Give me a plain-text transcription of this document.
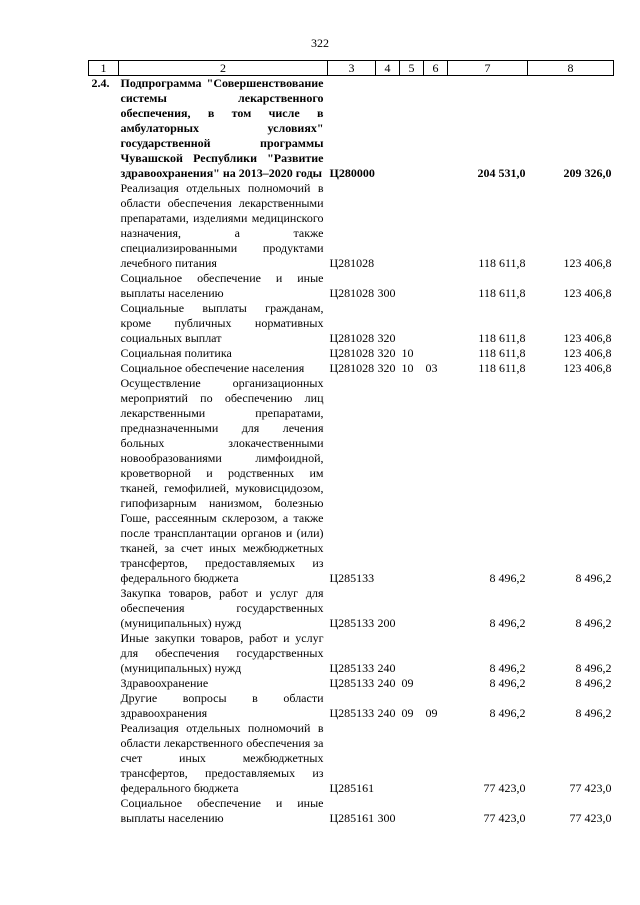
322
1	2	3	4	5	6	7	8
2.4.	Подпрограмма "Совершенствование системы лекарственного обеспечения, в том числе в амбулаторных условиях" государственной программы Чувашской Республики "Развитие здравоохранения" на 2013–2020 годы	Ц280000				204 531,0	209 326,0
	Реализация отдельных полномочий в области обеспечения лекарственными препаратами, изделиями медицинского назначения, а также специализированными продуктами лечебного питания	Ц281028				118 611,8	123 406,8
	Социальное обеспечение и иные выплаты населению	Ц281028	300			118 611,8	123 406,8
	Социальные выплаты гражданам, кроме публичных нормативных социальных выплат	Ц281028	320			118 611,8	123 406,8
	Социальная политика	Ц281028	320	10		118 611,8	123 406,8
	Социальное обеспечение населения	Ц281028	320	10	03	118 611,8	123 406,8
	Осуществление организационных мероприятий по обеспечению лиц лекарственными препаратами, предназначенными для лечения больных злокачественными новообразованиями лимфоидной, кроветворной и родственных им тканей, гемофилией, муковисцидозом, гипофизарным нанизмом, болезнью Гоше, рассеянным склерозом, а также после трансплантации органов и (или) тканей, за счет иных межбюджетных трансфертов, предоставляемых из федерального бюджета	Ц285133				8 496,2	8 496,2
	Закупка товаров, работ и услуг для обеспечения государственных (муниципальных) нужд	Ц285133	200			8 496,2	8 496,2
	Иные закупки товаров, работ и услуг для обеспечения государственных (муниципальных) нужд	Ц285133	240			8 496,2	8 496,2
	Здравоохранение	Ц285133	240	09		8 496,2	8 496,2
	Другие вопросы в области здравоохранения	Ц285133	240	09	09	8 496,2	8 496,2
	Реализация отдельных полномочий в области лекарственного обеспечения за счет иных межбюджетных трансфертов, предоставляемых из федерального бюджета	Ц285161				77 423,0	77 423,0
	Социальное обеспечение и иные выплаты населению	Ц285161	300			77 423,0	77 423,0
